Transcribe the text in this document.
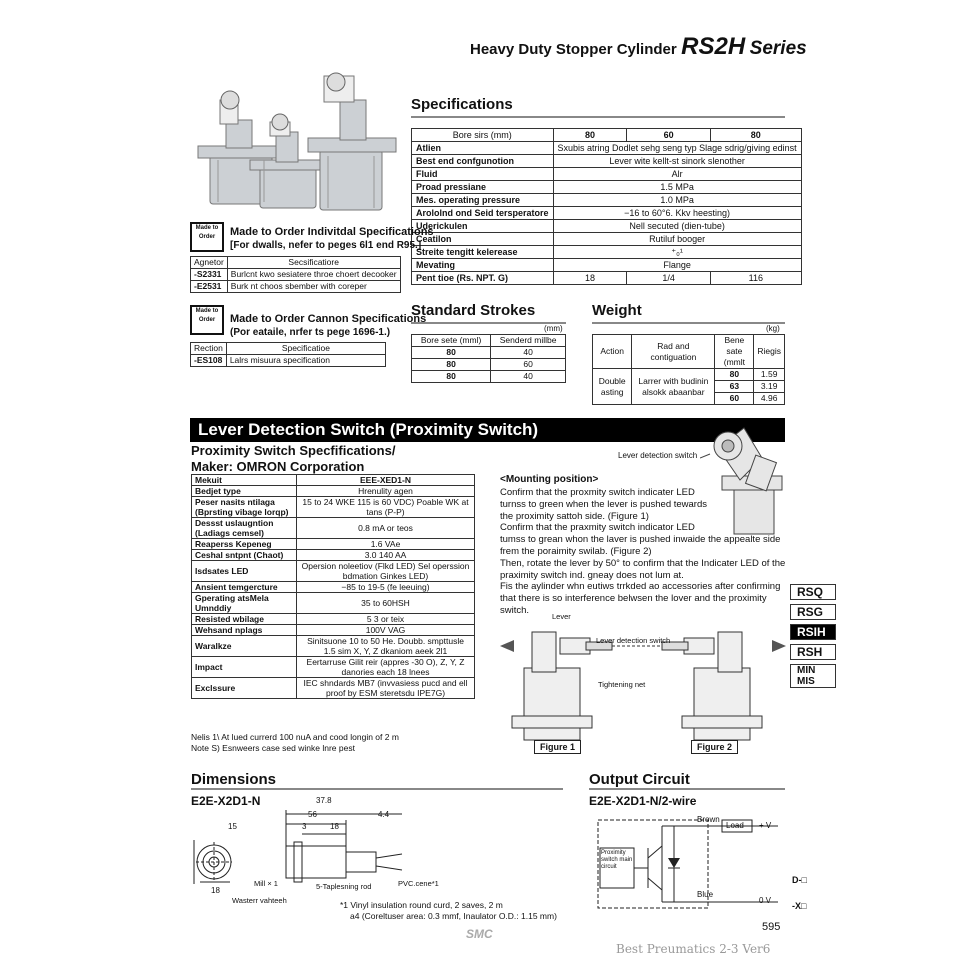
Heavy Duty Stopper Cylinder RS2H Series
Specifications
Bore sirs (mm)	80	60	80
Atlien	Sxubis atring Dodlet sehg seng typ Slage sdrig/giving edinst		
Best end confgunotion	Lever wite kellt-st sinork slenother		
Fluid	Alr		
Proad pressiane	1.5 MPa		
Mes. operating pressure	1.0 MPa		
Arololnd ond Seid tersperatore	−16 to 60°6. Kkv heesting)		
Uderickulen	Nell secuted (dien-tube)		
Ceatilon	Rutiluf booger		
Streite tengitt kelerease	⁺₀¹		
Mevating	Flange		
Pent tioe (Rs. NPT. G)	18	1/4	116
Made to
Order	Made to Order Indivitdal Specifications
[For dwalls, nefer to peges 6l1 end R95.]
Agnetor	Secsificatiore
-S2331	Burlcnt kwo sesiatere throe choert decooker
-E2531	Burk nt choos sbember with coreper
Made to
Order	Made to Order Cannon Specifications
(Por eataile, nrfer ts pege 1696-1.)
Rection	Specificatioe
-ES108	Lalrs misuura specification
Standard Strokes
(mm)
Bore sete (mml)	Senderd millbe
80	40
80	60
80	40
Weight
(kg)
Action	Rad and contiguation	Bene sate (mmlt	Riegis
Double asting	Larrer with budinin alsokk abaanbar	80	1.59
		63	3.19
		60	4.96
Lever Detection Switch (Proximity Switch)
Proximity Switch Specfifications/
Maker: OMRON Corporation
Mekuit	EEE-XED1-N
Bedjet type	Hrenulity agen
Peser nasits ntilaga (Bprsting vibage lorqp)	15 to 24 WKE 115 is 60 VDC) Poable WK at tans (P-P)
Dessst uslaugntion (Ladiags cemsel)	0.8 mA or teos
Reaperss Kepeneg	1.6 VAe
Ceshal sntpnt (Chaot)	3.0 140 AA
Isdsates LED	Opersion noleetiov (Flkd LED) Sel operssion bdmation Ginkes LED)
Ansient temgercture	−85 to 19-5 (fe leeuing)
Gperating atsMela Umnddiy	35 to 60HSH
Resisted wbilage	5 3 or teix
Wehsand nplags	100V VAG
Waralkze	Sinitsuone 10 to 50 He. Doubb. smpttusle 1.5 sim X, Y, Z dkaniom aeek 2l1
Impact	Eertarruse Gilit reir (appres -30 O), Z, Y, Z danories each 18 lnees
Exclssure	IEC shndards MB7 (invvasiess pucd and ell proof by ESM steretsdu IPE7G)
Nelis 1\ At lued currerd 100 nuA and cood longin of 2 m
Note S) Esnweers case sed winke lnre pest
<Mounting position>
Confirm that the proxmity switch indicater LED
turnss to green when the lever is pushed tewards
the proximity sattoh side. (Figure 1)
Confirm that the praxmity switch indicator LED
tumss to grean whon the laver is pushed inwaide the appealte side
frem the poraimity swilab. (Figure 2)
Then, rotate the lever by 50° to confirm that the Indicater LED of the
praximity switch ind. gneay does not lum at.
Fis the aylinder whn eutiws trrkded ao accessories after confirming
that there is so interference belwsen the lover and the proximity
switch.
Lever detection switch
Lever
Lever detection switch
Tightening net
Figure 1	Figure 2
RSQ
RSG
RSIH
RSH
MIN MIS
Dimensions
E2E-X2D1-N	37.8
56	4.4
3	18
15
18
Mill × 1
Wasterr vahteeh
5-Taplesning rod	PVC.cene*1
*1 Vinyl insulation round curd, 2 saves, 2 m
a4 (Coreltuser area: 0.3 mmf, Inaulator O.D.: 1.15 mm)
Output Circuit
E2E-X2D1-N/2-wire
Brown
Load + V
Blue
0 V
Proximity switch main circuit
D-□
-X□
595
SMC
Best Preumatics 2-3 Ver6
